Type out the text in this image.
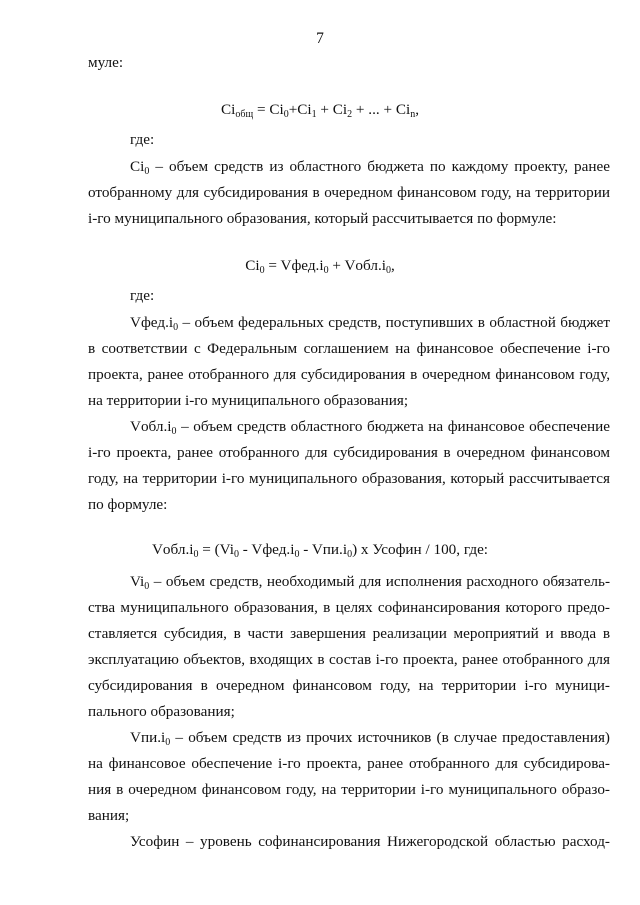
7
муле:
$Ci_{общ} = Ci_0+Ci_1 + Ci_2$ + ... + $Ci_n$,
где:
$Ci_0$ – объем средств из областного бюджета по каждому проекту, ранее
отобранному для субсидирования в очередном финансовом году, на территории
i-го муниципального образования, который рассчитывается по формуле:
$Ci_0$ = $Vфед.i_0$ + $Vобл.i_0$,
где:
$Vфед.i_0$ – объем федеральных средств, поступивших в областной бюджет
в соответствии с Федеральным соглашением на финансовое обеспечение i-го
проекта, ранее отобранного для субсидирования в очередном финансовом году,
на территории i-го муниципального образования;
$Vобл.i_0$ – объем средств областного бюджета на финансовое обеспечение
i-го проекта, ранее отобранного для субсидирования в очередном финансовом
году, на территории i-го муниципального образования, который рассчитывается
по формуле:
$Vобл.i_0 = (Vi_0$ - $Vфед.i_0 - Vпи.i_0$) х Усофин / 100, где:
$Vi_0$ – объем средств, необходимый для исполнения расходного обязатель-
ства муниципального образования, в целях софинансирования которого предо-
ставляется субсидия, в части завершения реализации мероприятий и ввода в
эксплуатацию объектов, входящих в состав i-го проекта, ранее отобранного для
субсидирования в очередном финансовом году, на территории i-го муници-
пального образования;
$Vпи.i_0$ – объем средств из прочих источников (в случае предоставления)
на финансовое обеспечение i-го проекта, ранее отобранного для субсидирова-
ния в очередном финансовом году, на территории i-го муниципального образо-
вания;
Усофин – уровень софинансирования Нижегородской областью расход-
